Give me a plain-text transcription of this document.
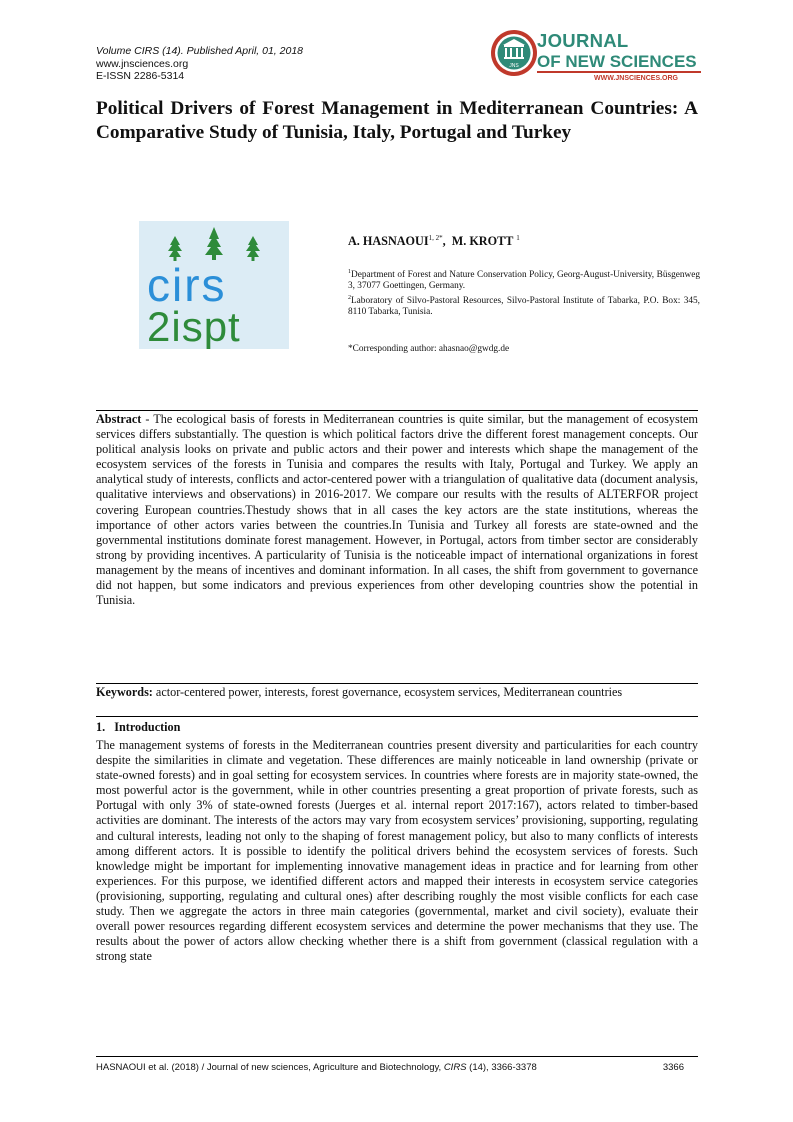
Volume CIRS (14). Published April, 01, 2018
www.jnsciences.org
E-ISSN 2286-5314
JNS
JOURNAL
OF NEW SCIENCES
WWW.JNSCIENCES.ORG
Political Drivers of Forest Management in Mediterranean Countries: A Comparative Study of Tunisia, Italy, Portugal and Turkey
cirs
2ispt
A. $HASNAOUI^{1, 2*}$,  M. KROTT $^1$

$^1$Department of Forest and Nature Conservation Policy, Georg-August-University, Büsgenweg 3, 37077 Goettingen, Germany.

$^2$Laboratory of Silvo-Pastoral Resources, Silvo-Pastoral Institute of Tabarka, P.O. Box: 345, 8110 Tabarka, Tunisia.

*Corresponding author: ahasnao@gwdg.de

Abstract - The ecological basis of forests in Mediterranean countries is quite similar, but the management of ecosystem services differs substantially. The question is which political factors drive the different forest management concepts. Our political analysis looks on private and public actors and their power and interests which shape the management of the ecosystem services of the forests in Tunisia and compares the results with Italy, Portugal and Turkey. We apply an analytical study of interests, conflicts and actor-centered power with a triangulation of qualitative data (document analysis, qualitative interviews and observations) in 2016-2017. We compare our results with the results of ALTERFOR project covering European countries.Thestudy shows that in all cases the key actors are the state institutions, whereas the importance of other actors varies between the countries.In Tunisia and Turkey all forests are state-owned and the governmental institutions dominate forest management. However, in Portugal, actors from timber sector are considerably strong by providing incentives. A particularity of Tunisia is the noticeable impact of international organizations in forest management by the means of incentives and dominant information. In all cases, the shift from government to governance did not happen, but some indicators and previous experiences from other developing countries show the potential in Tunisia.

Keywords: actor-centered power, interests, forest governance, ecosystem services, Mediterranean countries

1.   Introduction

The management systems of forests in the Mediterranean countries present diversity and particularities for each country despite the similarities in climate and vegetation. These differences are mainly noticeable in land ownership (private or state-owned forests) and in goal setting for ecosystem services. In countries where forests are in majority state-owned, the most powerful actor is the government, while in other countries presenting a great proportion of private forests, such as Portugal with only 3% of state-owned forests (Juerges et al. internal report 2017:167), actors related to timber-based activities are dominant. The interests of the actors may vary from ecosystem services’ provisioning, supporting, regulating and cultural interests, leading not only to the shaping of forest management policy, but also to many conflicts of interests among different actors. It is possible to identify the political drivers behind the ecosystem services of forests. Such knowledge might be important for implementing innovative management ideas in practice and for learning from other experiences. For this purpose, we identified different actors and mapped their interests in ecosystem service categories (provisioning, supporting, regulating and cultural ones) after describing roughly the most visible conflicts for each case study. Then we aggregate the actors in three main categories (governmental, market and civil society), evaluate their overall power resources regarding different ecosystem services and determine the power mechanisms that they use. The results about the power of actors allow checking whether there is a shift from government (classical regulation with a strong state

HASNAOUI et al. (2018) / Journal of new sciences, Agriculture and Biotechnology, CIRS (14), 3366-3378	3366
